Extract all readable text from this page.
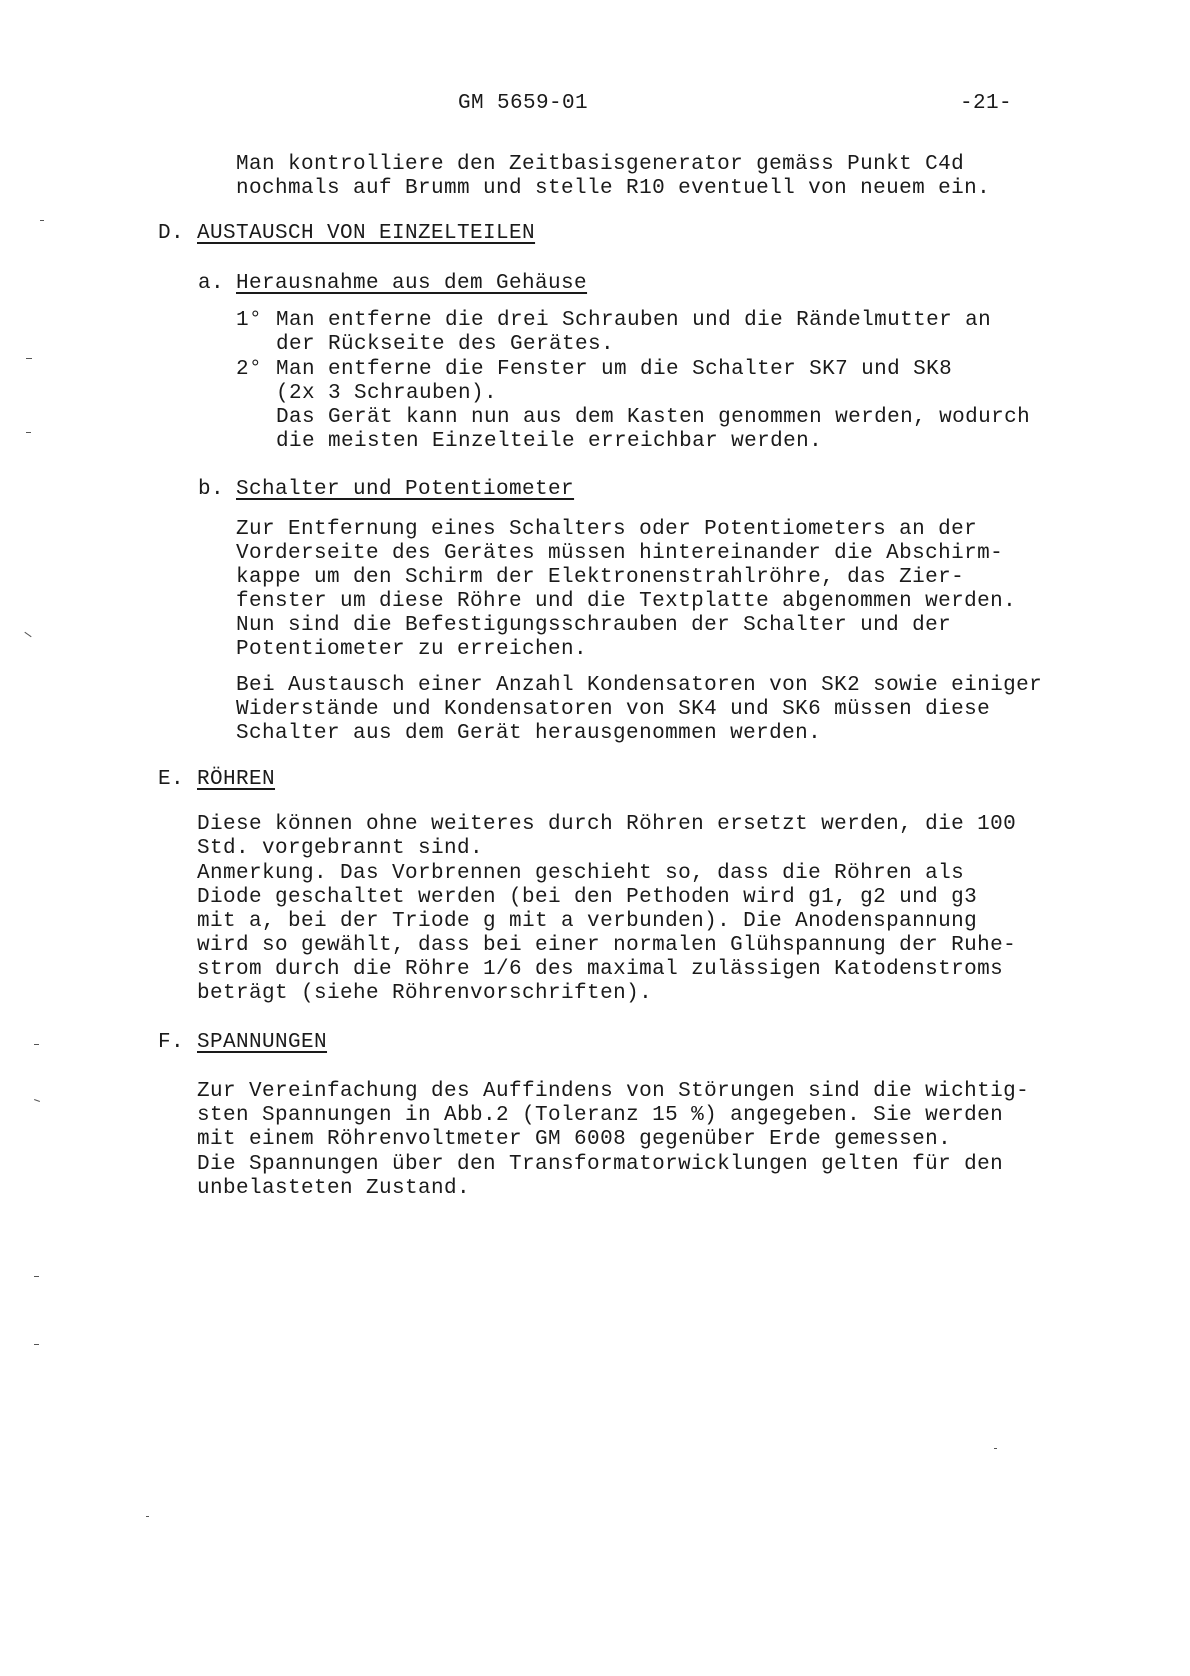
GM 5659-01	-21-
Man kontrolliere den Zeitbasisgenerator gemäss Punkt C4d
nochmals auf Brumm und stelle R10 eventuell von neuem ein.
D. AUSTAUSCH VON EINZELTEILEN
a. Herausnahme aus dem Gehäuse
1° Man entferne die drei Schrauben und die Rändelmutter an
der Rückseite des Gerätes.
2° Man entferne die Fenster um die Schalter SK7 und SK8
(2x 3 Schrauben).
Das Gerät kann nun aus dem Kasten genommen werden, wodurch
die meisten Einzelteile erreichbar werden.
b. Schalter und Potentiometer
Zur Entfernung eines Schalters oder Potentiometers an der
Vorderseite des Gerätes müssen hintereinander die Abschirm-
kappe um den Schirm der Elektronenstrahlröhre, das Zier-
fenster um diese Röhre und die Textplatte abgenommen werden.
Nun sind die Befestigungsschrauben der Schalter und der
Potentiometer zu erreichen.
Bei Austausch einer Anzahl Kondensatoren von SK2 sowie einiger
Widerstände und Kondensatoren von SK4 und SK6 müssen diese
Schalter aus dem Gerät herausgenommen werden.
E. RÖHREN
Diese können ohne weiteres durch Röhren ersetzt werden, die 100
Std. vorgebrannt sind.
Anmerkung. Das Vorbrennen geschieht so, dass die Röhren als
Diode geschaltet werden (bei den Pethoden wird g1, g2 und g3
mit a, bei der Triode g mit a verbunden). Die Anodenspannung
wird so gewählt, dass bei einer normalen Glühspannung der Ruhe-
strom durch die Röhre 1/6 des maximal zulässigen Katodenstroms
beträgt (siehe Röhrenvorschriften).
F. SPANNUNGEN
Zur Vereinfachung des Auffindens von Störungen sind die wichtig-
sten Spannungen in Abb.2 (Toleranz 15 %) angegeben. Sie werden
mit einem Röhrenvoltmeter GM 6008 gegenüber Erde gemessen.
Die Spannungen über den Transformatorwicklungen gelten für den
unbelasteten Zustand.
